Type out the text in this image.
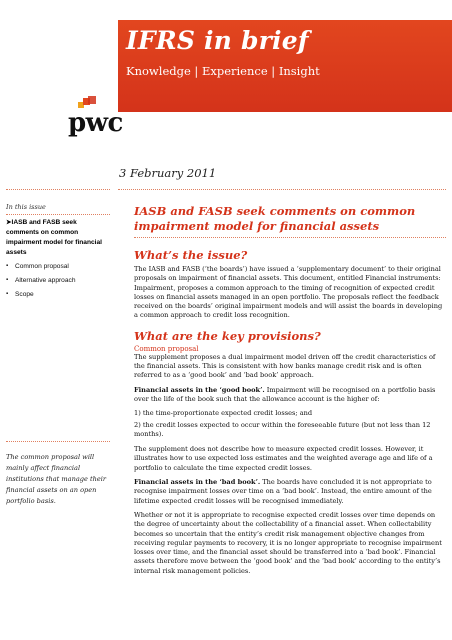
IFRS in brief
Knowledge | Experience | Insight
pwc
3 February 2011
In this issue
➤IASB and FASB seek comments on common impairment model for financial assets
▪ Common proposal
▪ Alternative approach
▪ Scope
The common proposal will mainly affect financial institutions that manage their financial assets on an open portfolio basis.
IASB and FASB seek comments on common impairment model for financial assets
What’s the issue?

The IASB and FASB (‘the boards’) have issued a ‘supplementary document’ to their original proposals on impairment of financial assets. This document, entitled Financial instruments: Impairment, proposes a common approach to the timing of recognition of expected credit losses on financial assets managed in an open portfolio. The proposals reflect the feedback received on the boards’ original impairment models and will assist the boards in developing a common approach to credit loss recognition.

What are the key provisions?
Common proposal

The supplement proposes a dual impairment model driven off the credit characteristics of the financial assets. This is consistent with how banks manage credit risk and is often referred to as a ‘good book’ and ‘bad book’ approach.

Financial assets in the ‘good book’. Impairment will be recognised on a portfolio basis over the life of the book such that the allowance account is the higher of:

1) the time-proportionate expected credit losses; and

2) the credit losses expected to occur within the foreseeable future (but not less than 12 months).

The supplement does not describe how to measure expected credit losses. However, it illustrates how to use expected loss estimates and the weighted average age and life of a portfolio to calculate the time expected credit losses.

Financial assets in the ‘bad book’. The boards have concluded it is not appropriate to recognise impairment losses over time on a ‘bad book’. Instead, the entire amount of the lifetime expected credit losses will be recognised immediately.

Whether or not it is appropriate to recognise expected credit losses over time depends on the degree of uncertainty about the collectability of a financial asset. When collectability becomes so uncertain that the entity’s credit risk management objective changes from receiving regular payments to recovery, it is no longer appropriate to recognise impairment losses over time, and the financial asset should be transferred into a ‘bad book’. Financial assets therefore move between the ‘good book’ and the ‘bad book’ according to the entity’s internal risk management policies.
